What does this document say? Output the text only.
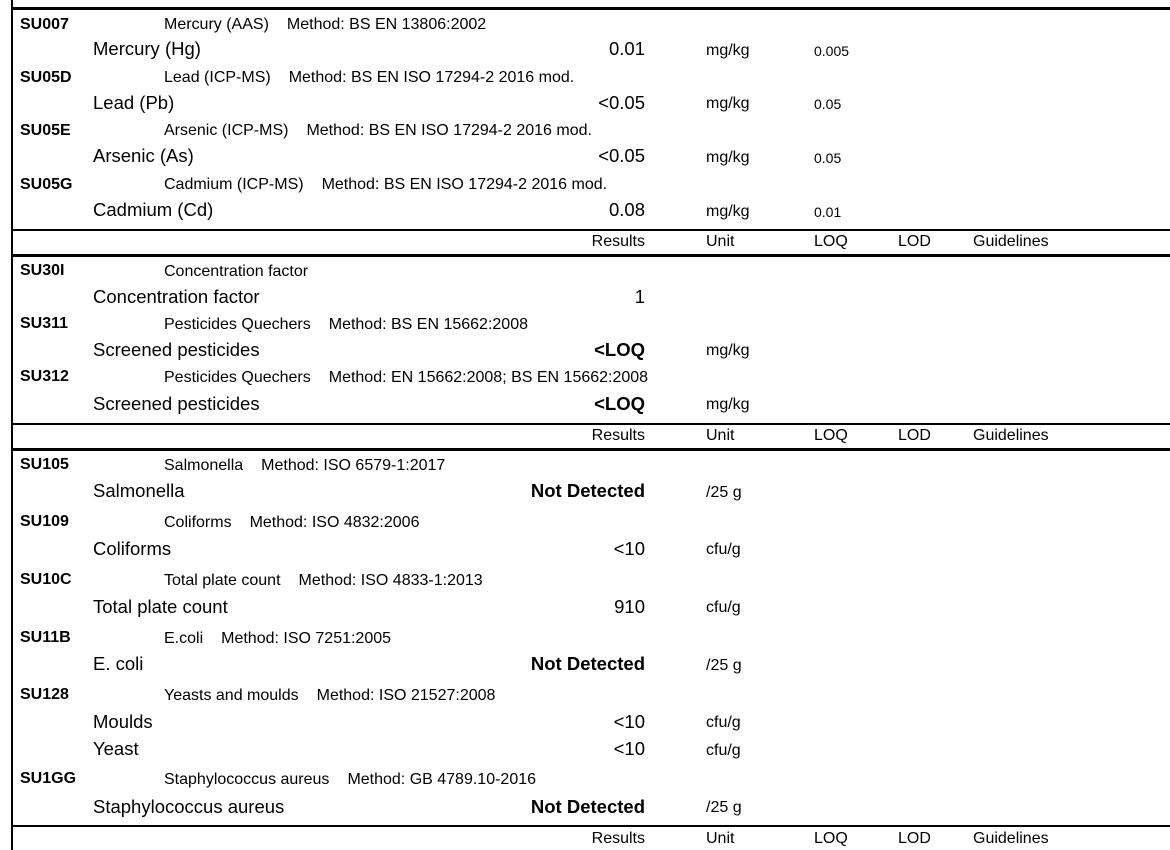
SU007	Mercury (AAS) Method: BS EN 13806:2002
Mercury (Hg)	0.01	mg/kg	0.005
SU05D	Lead (ICP-MS) Method: BS EN ISO 17294-2 2016 mod.
Lead (Pb)	<0.05	mg/kg	0.05
SU05E	Arsenic (ICP-MS) Method: BS EN ISO 17294-2 2016 mod.
Arsenic (As)	<0.05	mg/kg	0.05
SU05G	Cadmium (ICP-MS) Method: BS EN ISO 17294-2 2016 mod.
Cadmium (Cd)	0.08	mg/kg	0.01
Results	Unit	LOQ	LOD	Guidelines
SU30I	Concentration factor
Concentration factor	1
SU311	Pesticides Quechers Method: BS EN 15662:2008
Screened pesticides	<LOQ	mg/kg
SU312	Pesticides Quechers Method: EN 15662:2008; BS EN 15662:2008
Screened pesticides	<LOQ	mg/kg
Results	Unit	LOQ	LOD	Guidelines
SU105	Salmonella Method: ISO 6579-1:2017
Salmonella	Not Detected	/25 g
SU109	Coliforms Method: ISO 4832:2006
Coliforms	<10	cfu/g
SU10C	Total plate count Method: ISO 4833-1:2013
Total plate count	910	cfu/g
SU11B	E.coli Method: ISO 7251:2005
E. coli	Not Detected	/25 g
SU128	Yeasts and moulds Method: ISO 21527:2008
Moulds	<10	cfu/g
Yeast	<10	cfu/g
SU1GG	Staphylococcus aureus Method: GB 4789.10-2016
Staphylococcus aureus	Not Detected	/25 g
Results	Unit	LOQ	LOD	Guidelines
